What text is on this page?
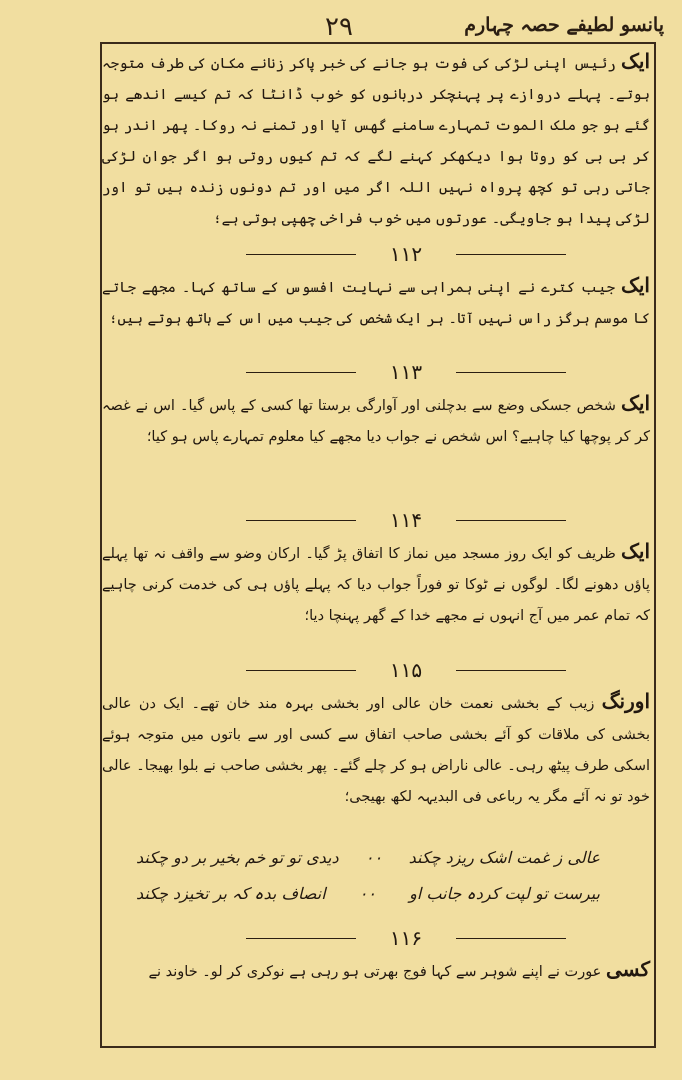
۲۹	پانسو لطیفے حصہ چہارم

ایک رئیس اپنی لڑکی کی فوت ہو جانے کی خبر پاکر زنانے مکان کی طرف متوجہ ہوتے۔ پہلے دروازے پر پہنچکر دربانوں کو خوب ڈانٹا کہ تم کیسے اندھے ہو گئے ہو جو ملک الموت تمہارے سامنے گھس آیا اور تمنے نہ روکا۔ پھر اندر ہو کر بی بی کو روتا ہوا دیکھکر کہنے لگے کہ تم کیوں روتی ہو اگر جوان لڑکی جاتی رہی تو کچھ پرواہ نہیں اللہ اگر میں اور تم دونوں زندہ ہیں تو اور لڑکی پیدا ہو جاویگی۔ عورتوں میں خوب فراخی چھپی ہوتی ہے؛

۱۱۲

ایک جیب کترے نے اپنی ہمراہی سے نہایت افسوس کے ساتھ کہا۔ مجھے جاتے کا موسم ہرگز راس نہیں آتا۔ ہر ایک شخص کی جیب میں اس کے ہاتھ ہوتے ہیں؛

۱۱۳

ایک شخص جسکی وضع سے بدچلنی اور آوارگی برستا تھا کسی کے پاس گیا۔ اس نے غصہ کر کر پوچھا کیا چاہیے؟ اس شخص نے جواب دیا مجھے کیا معلوم تمہارے پاس ہو کیا؛

۱۱۴

ایک ظریف کو ایک روز مسجد میں نماز کا اتفاق پڑ گیا۔ ارکان وضو سے واقف نہ تھا پہلے پاؤں دھونے لگا۔ لوگوں نے ٹوکا تو فوراً جواب دیا کہ پہلے پاؤں ہی کی خدمت کرنی چاہیے کہ تمام عمر میں آج انہوں نے مجھے خدا کے گھر پہنچا دیا؛

۱۱۵

اورنگ زیب کے بخشی نعمت خان عالی اور بخشی بہرہ مند خان تھے۔ ایک دن عالی بخشی کی ملاقات کو آئے بخشی صاحب اتفاق سے کسی اور سے باتوں میں متوجہ ہوئے اسکی طرف پیٹھ رہی۔ عالی ناراض ہو کر چلے گئے۔ پھر بخشی صاحب نے بلوا بھیجا۔ عالی خود تو نہ آئے مگر یہ رباعی فی البدیہہ لکھ بھیجی؛

عالی ز غمت اشک ریزد چکند
۰۰
دیدی تو تو خم بخیر بر دو چکند
بیرست تو لپت کردہ جانب او
۰۰
انصاف بدہ کہ بر تخیزد چکند
۱۱۶

کسی عورت نے اپنے شوہر سے کہا فوج بھرتی ہو رہی ہے نوکری کر لو۔ خاوند نے
